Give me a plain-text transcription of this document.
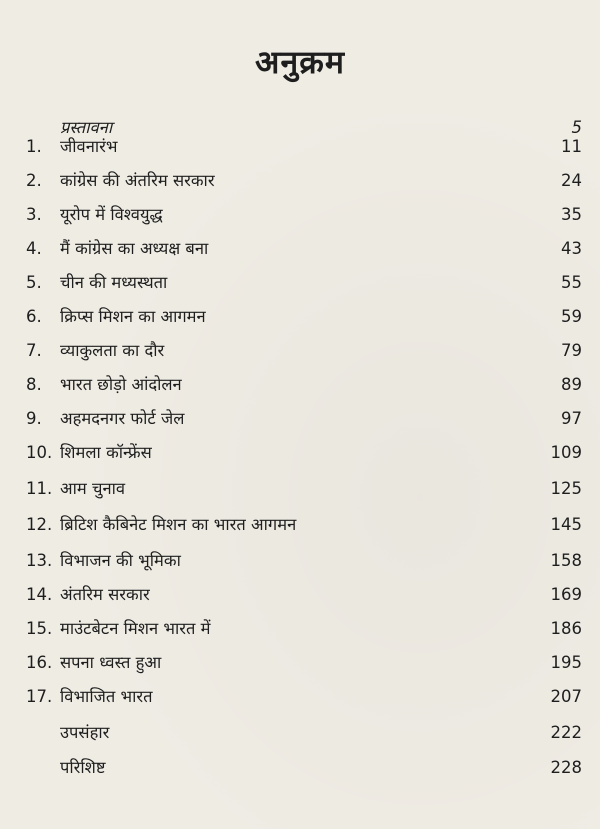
अनुक्रम
प्रस्तावना	5
1.	जीवनारंभ	11
2.	कांग्रेस की अंतरिम सरकार	24
3.	यूरोप में विश्वयुद्ध	35
4.	मैं कांग्रेस का अध्यक्ष बना	43
5.	चीन की मध्यस्थता	55
6.	क्रिप्स मिशन का आगमन	59
7.	व्याकुलता का दौर	79
8.	भारत छोड़ो आंदोलन	89
9.	अहमदनगर फोर्ट जेल	97
10. शिमला कॉन्फ्रेंस	109
11. आम चुनाव	125
12. ब्रिटिश कैबिनेट मिशन का भारत आगमन	145
13. विभाजन की भूमिका	158
14. अंतरिम सरकार	169
15. माउंटबेटन मिशन भारत में	186
16. सपना ध्वस्त हुआ	195
17. विभाजित भारत	207
उपसंहार	222
परिशिष्ट	228
